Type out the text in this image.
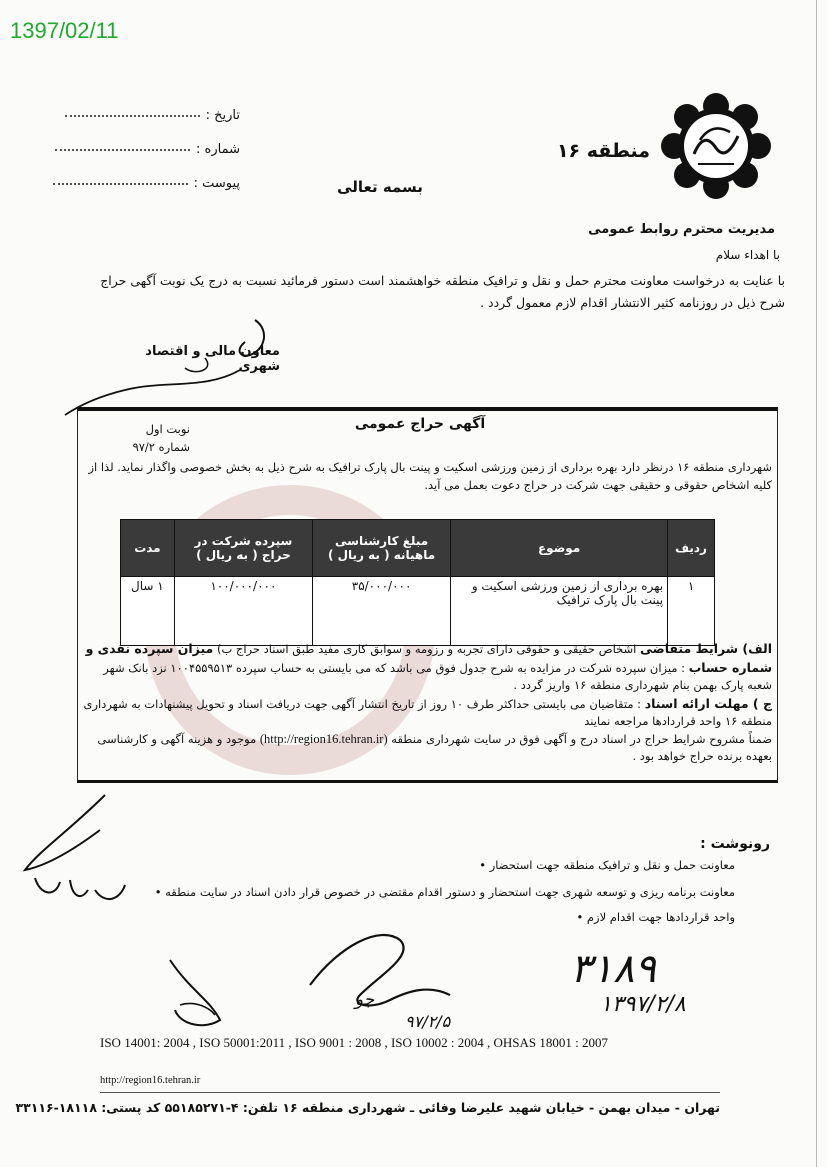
1397/02/11
تاریخ :
شماره :
پیوست :
منطقه ۱۶
بسمه تعالی
مدیریت محترم روابط عمومی
با اهداء سلام
با عنایت به درخواست معاونت محترم حمل و نقل و ترافیک منطقه خواهشمند است دستور فرمائید نسبت به درج یک نوبت آگهی حراج شرح ذیل در روزنامه کثیر الانتشار اقدام لازم معمول گردد .
معاون مالی و اقتصاد شهری
آگهی حراج عمومی
نوبت اول
شماره ۹۷/۲
شهرداری منطقه ۱۶ درنظر دارد بهره برداری از زمین ورزشی اسکیت و پینت بال پارک ترافیک به شرح ذیل به بخش خصوصی واگذار نماید. لذا از کلیه اشخاص حقوقی و حقیقی جهت شرکت در حراج دعوت بعمل می آید.
ردیف	موضوع	مبلغ کارشناسی ماهیانه ( به ریال )	سپرده شرکت در حراج ( به ریال )	مدت
۱	بهره برداری از زمین ورزشی اسکیت و پینت بال پارک ترافیک	۳۵/۰۰۰/۰۰۰	۱۰۰/۰۰۰/۰۰۰	۱ سال
الف) شرایط متقاضی اشخاص حقیقی و حقوقی دارای تجربه و رزومه و سوابق کاری مفید طبق اسناد حراج ب) میزان سپرده نقدی و شماره حساب : میزان سپرده شرکت در مزایده به شرح جدول فوق می باشد که می بایستی به حساب سپرده ۱۰۰۴۵۵۹۵۱۳ نزد بانک شهر شعبه پارک بهمن بنام شهرداری منطقه ۱۶ واریز گردد .
ج ) مهلت ارائه اسناد : متقاضیان می بایستی حداکثر طرف ۱۰ روز از تاریخ انتشار آگهی جهت دریافت اسناد و تحویل پیشنهادات به شهرداری منطقه ۱۶ واحد قراردادها مراجعه نمایند
ضمناً مشروح شرایط حراج در اسناد درج و آگهی فوق در سایت شهرداری منطقه (http://region16.tehran.ir) موجود و هزینه آگهی و کارشناسی بعهده برنده حراج خواهد بود .
رونوشت :
معاونت حمل و نقل و ترافیک منطقه جهت استحضار •
معاونت برنامه ریزی و توسعه شهری جهت استحضار و دستور اقدام مقتضی در خصوص قرار دادن اسناد در سایت منطقه •
واحد قراردادها جهت اقدام لازم •
جو
۹۷/۲/۵
۳۱۸۹
۱۳۹۷/۲/۸
ISO 14001: 2004 , ISO 50001:2011 , ISO 9001 : 2008 , ISO 10002 : 2004 , OHSAS 18001 : 2007
http://region16.tehran.ir
تهران - میدان بهمن - خیابان شهید علیرضا وفائی ـ شهرداری منطقه ۱۶ تلفن: ۴-۵۵۱۸۵۲۷۱ کد پستی: ۱۸۱۱۸-۳۳۱۱۶
